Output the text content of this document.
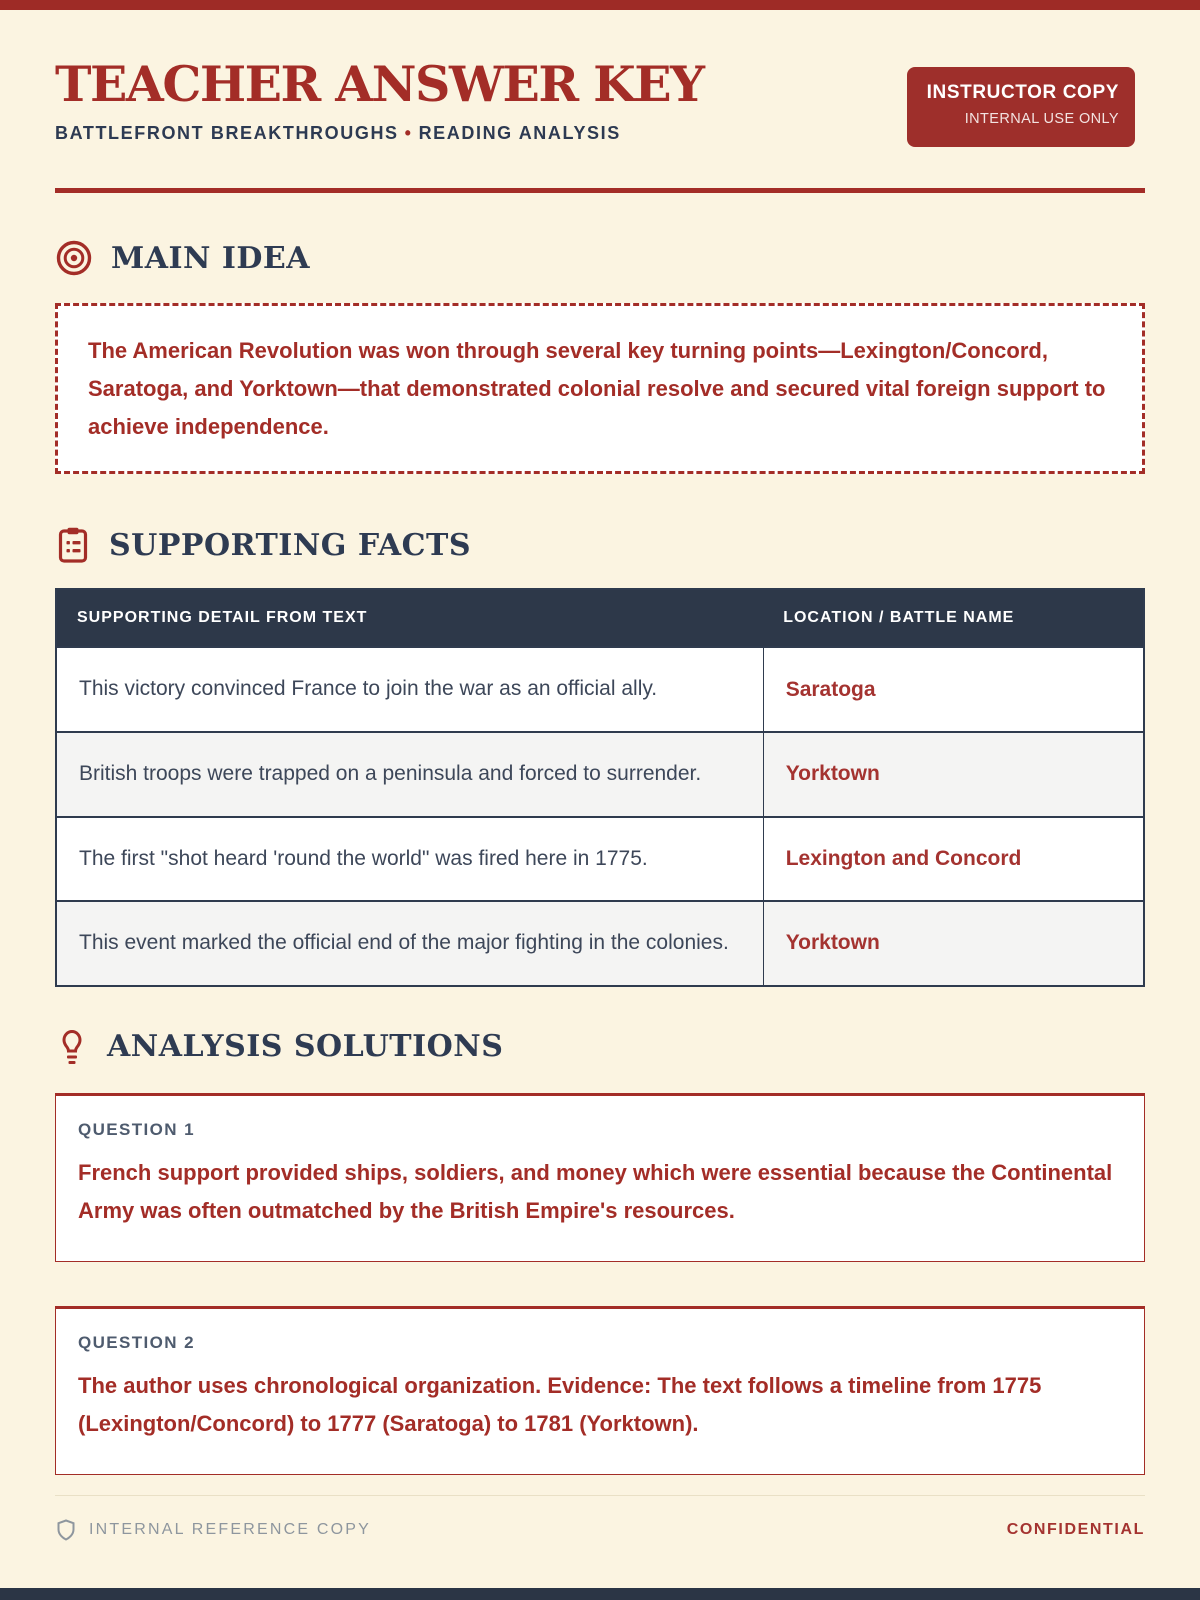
TEACHER ANSWER KEY
BATTLEFRONT BREAKTHROUGHS • READING ANALYSIS
INSTRUCTOR COPY
INTERNAL USE ONLY
MAIN IDEA
The American Revolution was won through several key turning points—Lexington/Concord, Saratoga, and Yorktown—that demonstrated colonial resolve and secured vital foreign support to achieve independence.
SUPPORTING FACTS
SUPPORTING DETAIL FROM TEXT	LOCATION / BATTLE NAME
This victory convinced France to join the war as an official ally.	Saratoga
British troops were trapped on a peninsula and forced to surrender.	Yorktown
The first "shot heard 'round the world" was fired here in 1775.	Lexington and Concord
This event marked the official end of the major fighting in the colonies.	Yorktown
ANALYSIS SOLUTIONS
QUESTION 1
French support provided ships, soldiers, and money which were essential because the Continental Army was often outmatched by the British Empire's resources.
QUESTION 2
The author uses chronological organization. Evidence: The text follows a timeline from 1775 (Lexington/Concord) to 1777 (Saratoga) to 1781 (Yorktown).
INTERNAL REFERENCE COPY	CONFIDENTIAL
